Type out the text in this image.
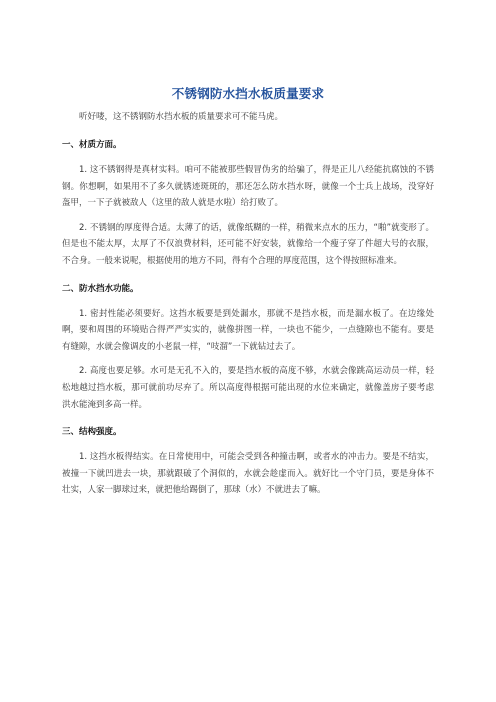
不锈钢防水挡水板质量要求

听好喽，这不锈钢防水挡水板的质量要求可不能马虎。

一、材质方面。

1. 这不锈钢得是真材实料。咱可不能被那些假冒伪劣的给骗了，得是正儿八经能抗腐蚀的不锈钢。你想啊，如果用不了多久就锈迹斑斑的，那还怎么防水挡水呀，就像一个士兵上战场，没穿好盔甲，一下子就被敌人（这里的敌人就是水啦）给打败了。

2. 不锈钢的厚度得合适。太薄了的话，就像纸糊的一样，稍微来点水的压力，“啪”就变形了。但是也不能太厚，太厚了不仅浪费材料，还可能不好安装，就像给一个瘦子穿了件超大号的衣服，不合身。一般来说呢，根据使用的地方不同，得有个合理的厚度范围，这个得按照标准来。

二、防水挡水功能。

1. 密封性能必须要好。这挡水板要是到处漏水，那就不是挡水板，而是漏水板了。在边缘处啊，要和周围的环境贴合得严严实实的，就像拼图一样，一块也不能少，一点缝隙也不能有。要是有缝隙，水就会像调皮的小老鼠一样，“吱溜”一下就钻过去了。

2. 高度也要足够。水可是无孔不入的，要是挡水板的高度不够，水就会像跳高运动员一样，轻松地越过挡水板，那可就前功尽弃了。所以高度得根据可能出现的水位来确定，就像盖房子要考虑洪水能淹到多高一样。

三、结构强度。

1. 这挡水板得结实。在日常使用中，可能会受到各种撞击啊，或者水的冲击力。要是不结实，被撞一下就凹进去一块，那就跟破了个洞似的，水就会趁虚而入。就好比一个守门员，要是身体不壮实，人家一脚球过来，就把他给踢倒了，那球（水）不就进去了嘛。
